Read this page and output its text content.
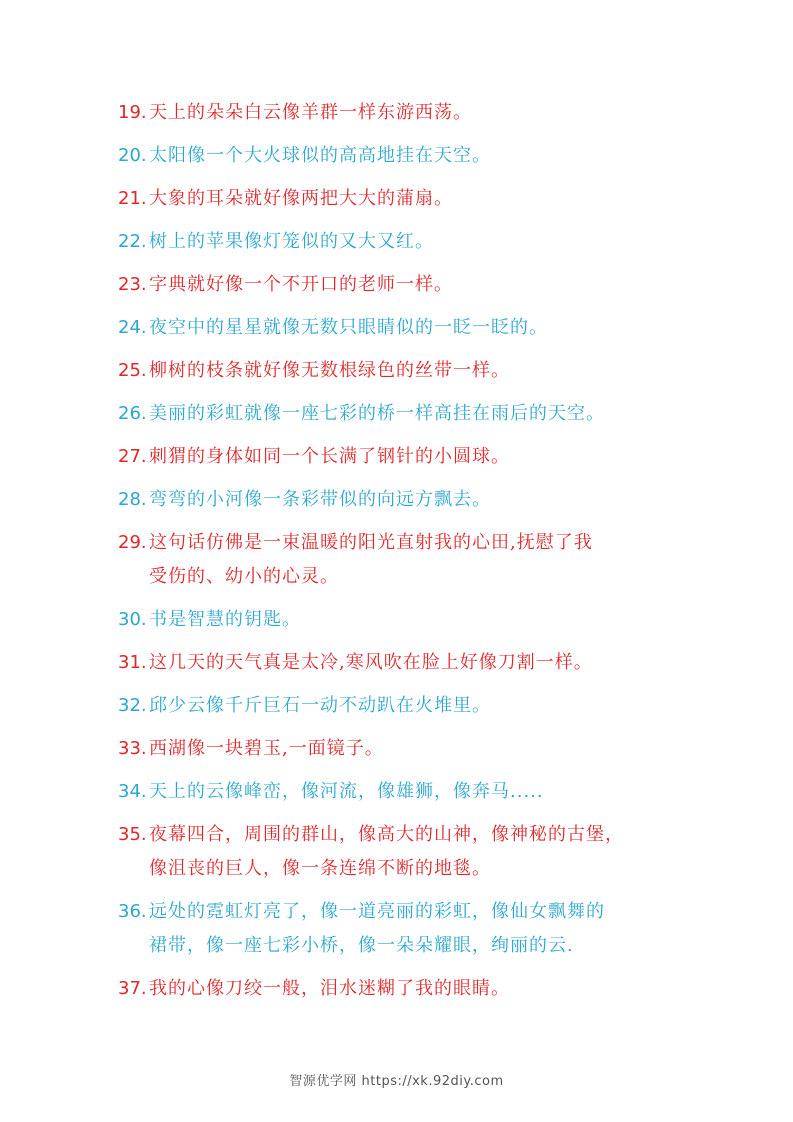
19. 天上的朵朵白云像羊群一样东游西荡。
20. 太阳像一个大火球似的高高地挂在天空。
21. 大象的耳朵就好像两把大大的蒲扇。
22. 树上的苹果像灯笼似的又大又红。
23. 字典就好像一个不开口的老师一样。
24. 夜空中的星星就像无数只眼睛似的一眨一眨的。
25. 柳树的枝条就好像无数根绿色的丝带一样。
26. 美丽的彩虹就像一座七彩的桥一样高挂在雨后的天空。
27. 刺猬的身体如同一个长满了钢针的小圆球。
28. 弯弯的小河像一条彩带似的向远方飘去。
29. 这句话仿佛是一束温暖的阳光直射我的心田,抚慰了我
受伤的、幼小的心灵。
30. 书是智慧的钥匙。
31. 这几天的天气真是太冷,寒风吹在脸上好像刀割一样。
32. 邱少云像千斤巨石一动不动趴在火堆里。
33. 西湖像一块碧玉,一面镜子。
34. 天上的云像峰峦，像河流，像雄狮，像奔马.....
35. 夜幕四合，周围的群山，像高大的山神，像神秘的古堡，
像沮丧的巨人，像一条连绵不断的地毯。
36. 远处的霓虹灯亮了，像一道亮丽的彩虹，像仙女飘舞的
裙带，像一座七彩小桥，像一朵朵耀眼，绚丽的云.
37. 我的心像刀绞一般，泪水迷糊了我的眼睛。
智源优学网 https://xk.92diy.com
